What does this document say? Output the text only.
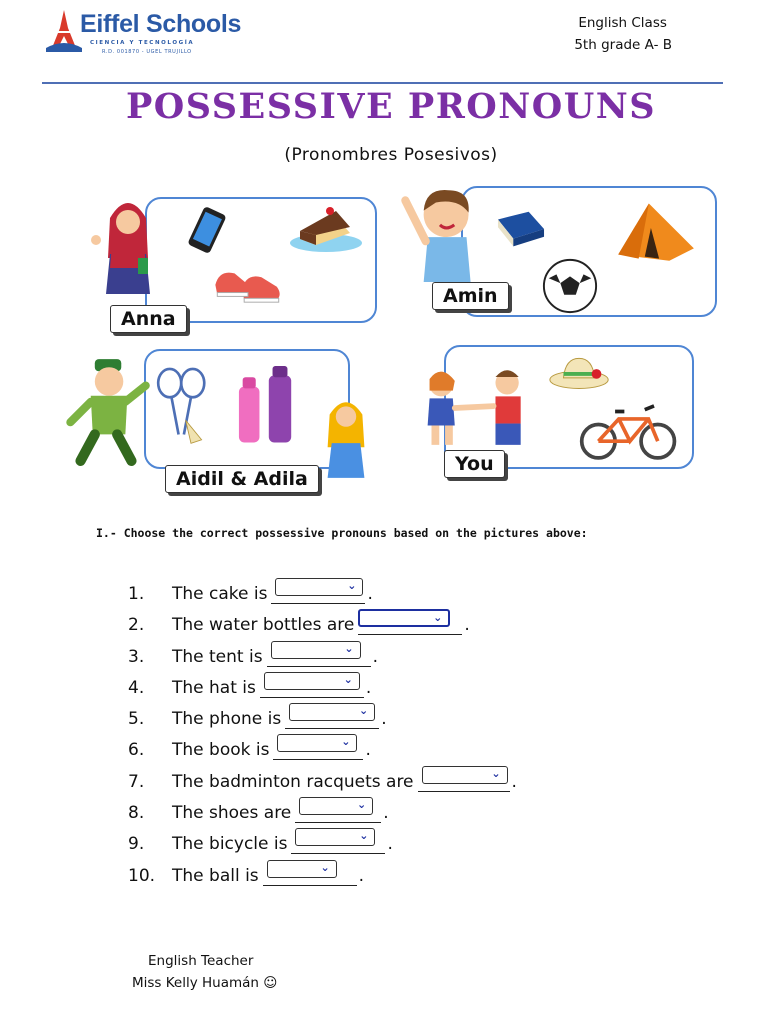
Eiffel Schools
CIENCIA Y TECNOLOGÍA
R.D. 001870 - UGEL TRUJILLO
English Class
5th grade A- B
POSSESSIVE PRONOUNS
(Pronombres Posesivos)
Anna
Amin
Aidil & Adila
You
I.- Choose the correct possessive pronouns based on the pictures above:
1.	The cake is	⌄ .
2.	The water bottles are	⌄ .
3.	The tent is	⌄ .
4.	The hat is	⌄ .
5.	The phone is	⌄ .
6.	The book is	⌄ .
7.	The badminton racquets are	⌄ .
8.	The shoes are	⌄ .
9.	The bicycle is	⌄ .
10. The ball is	⌄ .
English Teacher
Miss Kelly Huamán ☺
